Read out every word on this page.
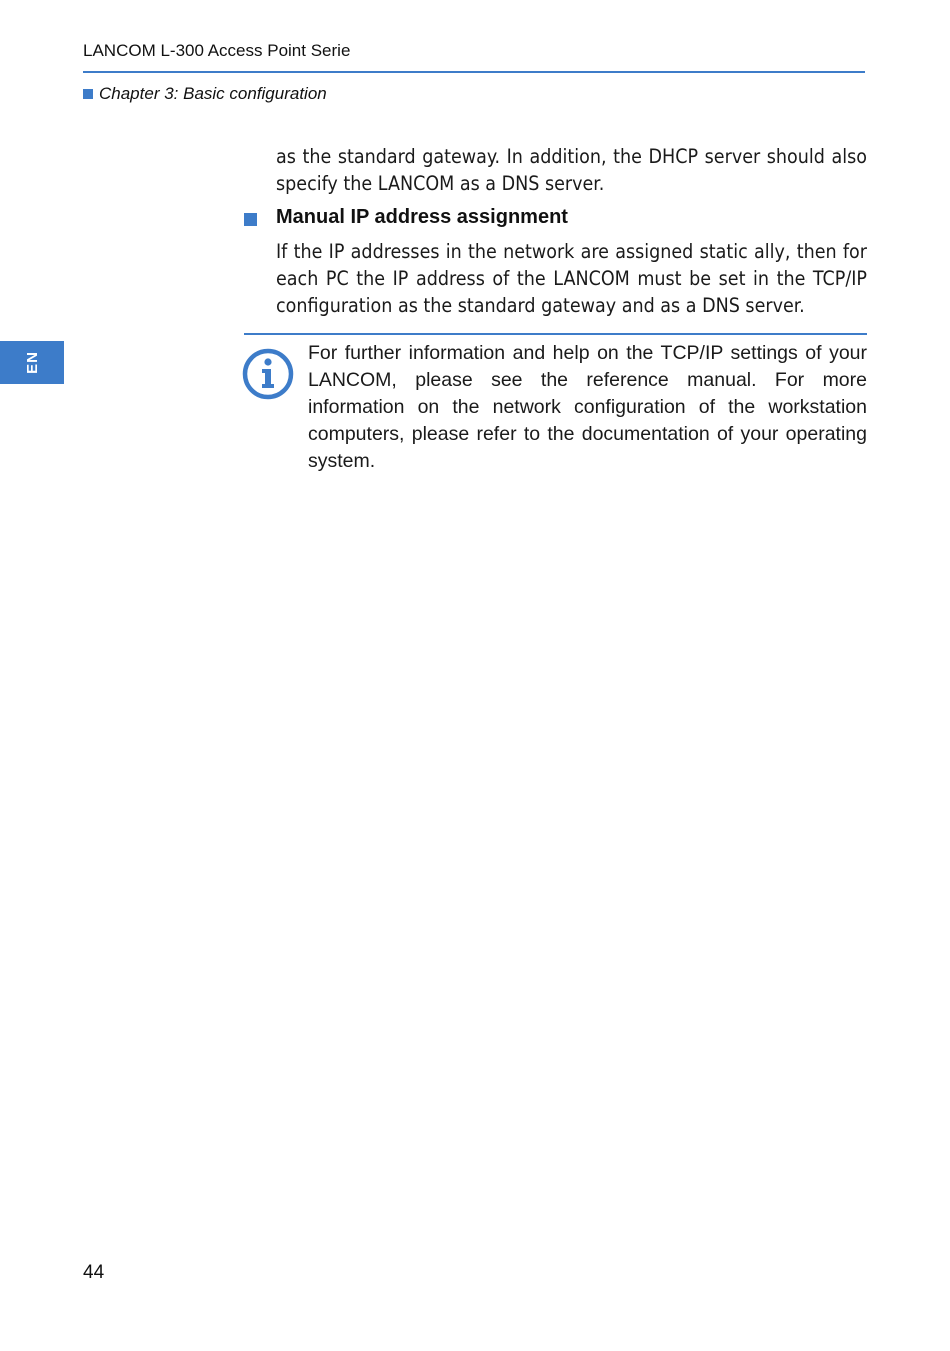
LANCOM L-300 Access Point Serie
Chapter 3: Basic configuration
EN
as the standard gateway. In addition, the DHCP server should also specify the LANCOM as a DNS server.
Manual IP address assignment
If the IP addresses in the network are assigned static ally, then for each PC the IP address of the LANCOM must be set in the TCP/IP configuration as the standard gateway and as a DNS server.
For further information and help on the TCP/IP settings of your LANCOM, please see the reference manual. For more information on the network configuration of the workstation computers, please refer to the documentation of your operating system.
44
